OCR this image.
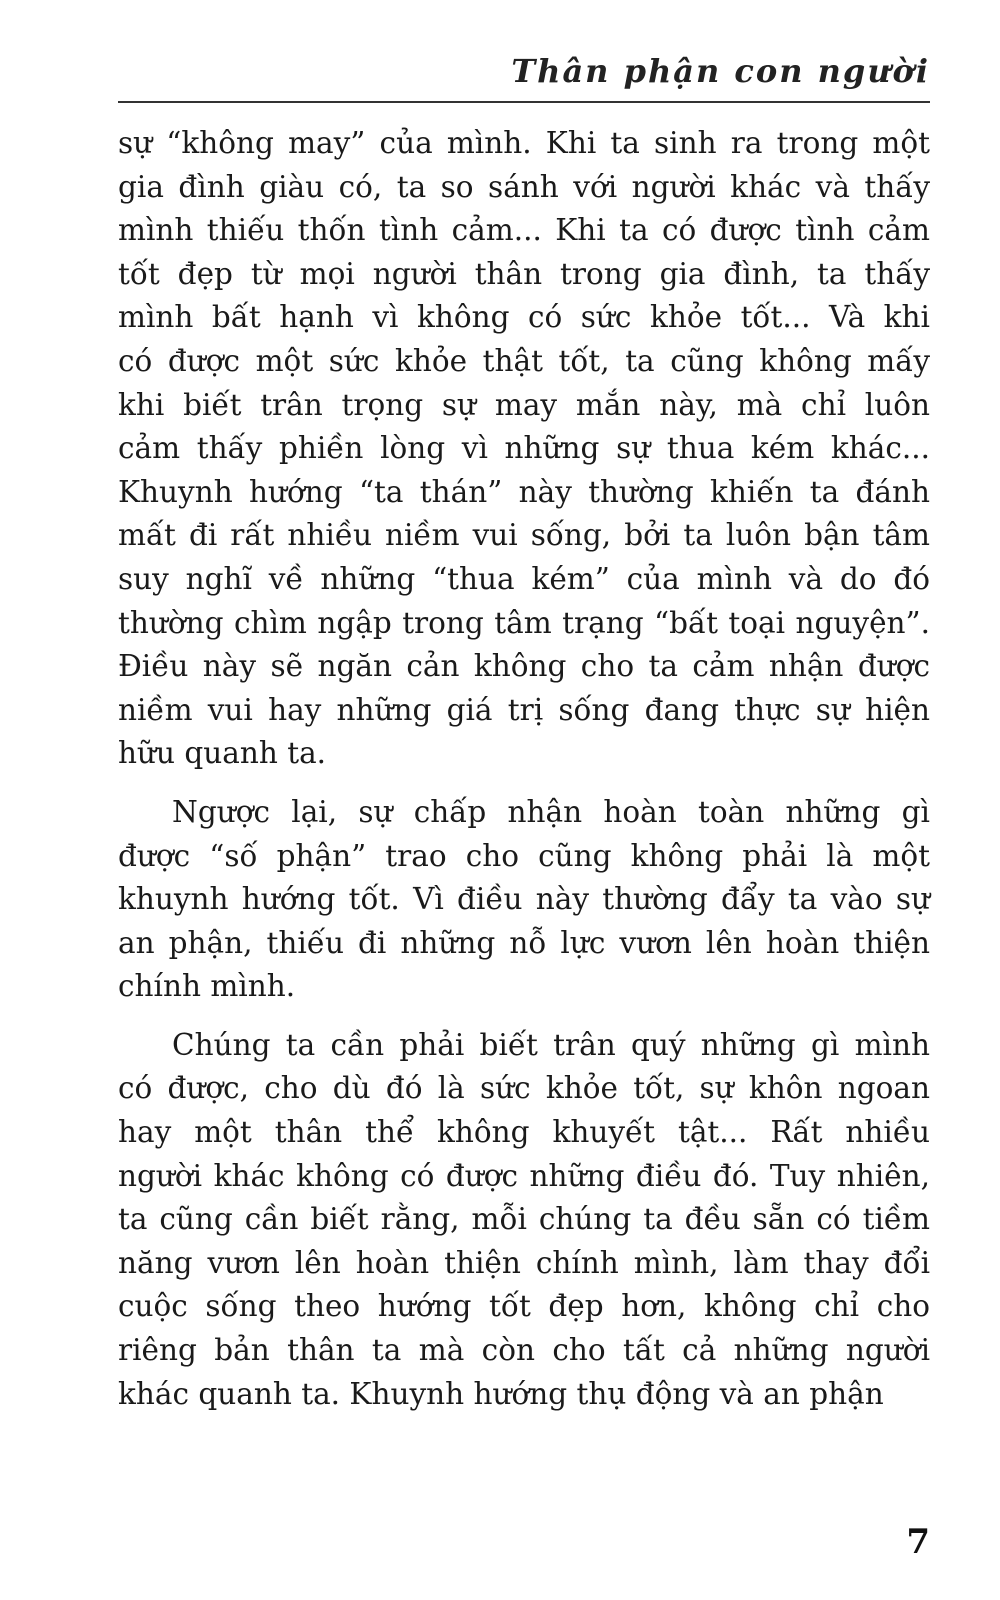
Thân phận con người
sự “không may” của mình. Khi ta sinh ra trong một
gia đình giàu có, ta so sánh với người khác và thấy
mình thiếu thốn tình cảm... Khi ta có được tình cảm
tốt đẹp từ mọi người thân trong gia đình, ta thấy
mình bất hạnh vì không có sức khỏe tốt... Và khi
có được một sức khỏe thật tốt, ta cũng không mấy
khi biết trân trọng sự may mắn này, mà chỉ luôn
cảm thấy phiền lòng vì những sự thua kém khác...
Khuynh hướng “ta thán” này thường khiến ta đánh
mất đi rất nhiều niềm vui sống, bởi ta luôn bận tâm
suy nghĩ về những “thua kém” của mình và do đó
thường chìm ngập trong tâm trạng “bất toại nguyện”.
Điều này sẽ ngăn cản không cho ta cảm nhận được
niềm vui hay những giá trị sống đang thực sự hiện
hữu quanh ta.
Ngược lại, sự chấp nhận hoàn toàn những gì
được “số phận” trao cho cũng không phải là một
khuynh hướng tốt. Vì điều này thường đẩy ta vào sự
an phận, thiếu đi những nỗ lực vươn lên hoàn thiện
chính mình.
Chúng ta cần phải biết trân quý những gì mình
có được, cho dù đó là sức khỏe tốt, sự khôn ngoan
hay một thân thể không khuyết tật... Rất nhiều
người khác không có được những điều đó. Tuy nhiên,
ta cũng cần biết rằng, mỗi chúng ta đều sẵn có tiềm
năng vươn lên hoàn thiện chính mình, làm thay đổi
cuộc sống theo hướng tốt đẹp hơn, không chỉ cho
riêng bản thân ta mà còn cho tất cả những người
khác quanh ta. Khuynh hướng thụ động và an phận
7
